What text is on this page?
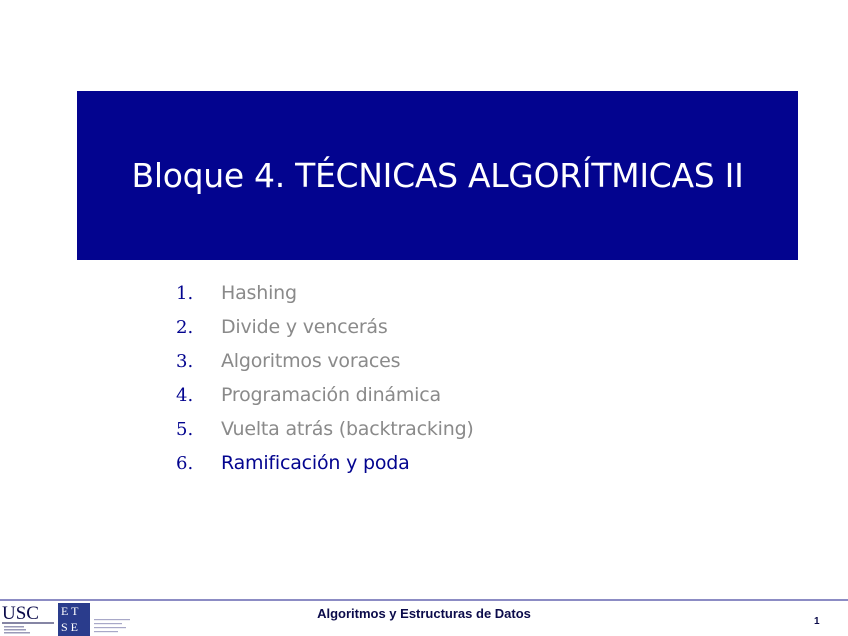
Bloque 4. TÉCNICAS ALGORÍTMICAS II
1.	Hashing
2.	Divide y vencerás
3.	Algoritmos voraces
4.	Programación dinámica
5.	Vuelta atrás (backtracking)
6.	Ramificación y poda
USC E T
S E
Algoritmos y Estructuras de Datos
1
